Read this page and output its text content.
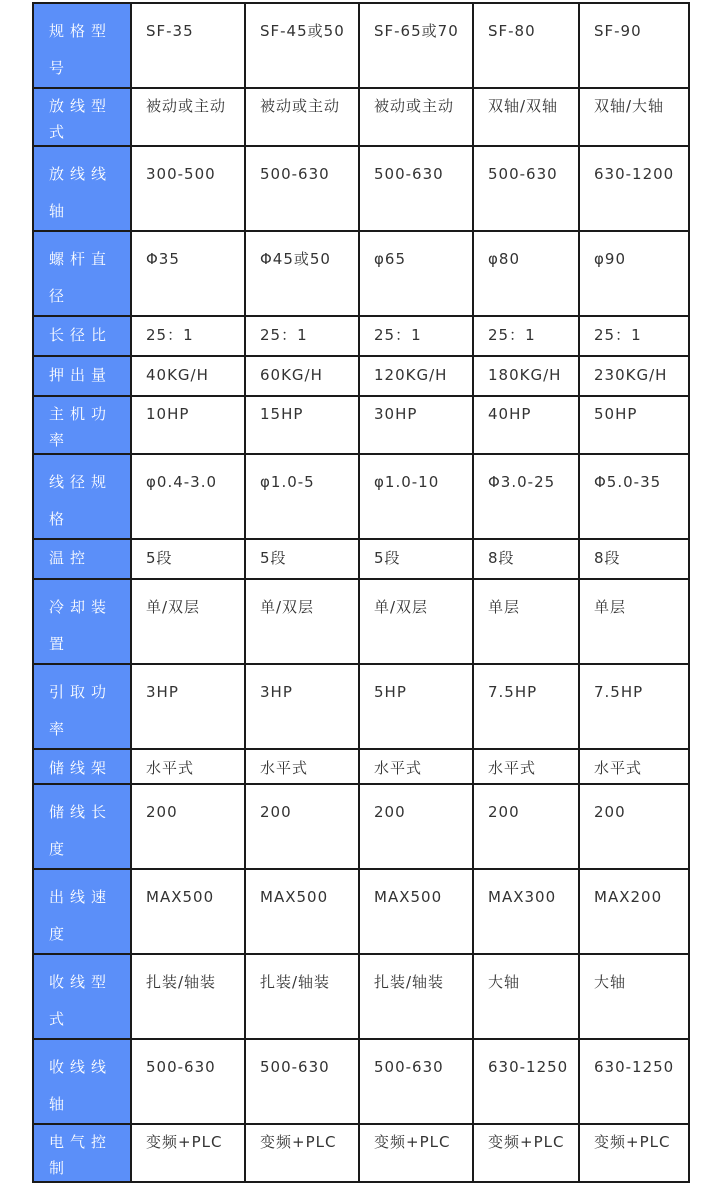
规格型号	SF-35	SF-45或50	SF-65或70	SF-80	SF-90
放线型式	被动或主动	被动或主动	被动或主动	双轴/双轴	双轴/大轴
放线线轴	300-500	500-630	500-630	500-630	630-1200
螺杆直径	Φ35	Φ45或50	φ65	φ80	φ90
长径比	25：1	25：1	25：1	25：1	25：1
押出量	40KG/H	60KG/H	120KG/H	180KG/H	230KG/H
主机功率	10HP	15HP	30HP	40HP	50HP
线径规格	φ0.4-3.0	φ1.0-5	φ1.0-10	Φ3.0-25	Φ5.0-35
温控	5段	5段	5段	8段	8段
冷却装置	单/双层	单/双层	单/双层	单层	单层
引取功率	3HP	3HP	5HP	7.5HP	7.5HP
储线架	水平式	水平式	水平式	水平式	水平式
储线长度	200	200	200	200	200
出线速度	MAX500	MAX500	MAX500	MAX300	MAX200
收线型式	扎装/轴装	扎装/轴装	扎装/轴装	大轴	大轴
收线线轴	500-630	500-630	500-630	630-1250	630-1250
电气控制	变频+PLC	变频+PLC	变频+PLC	变频+PLC	变频+PLC
